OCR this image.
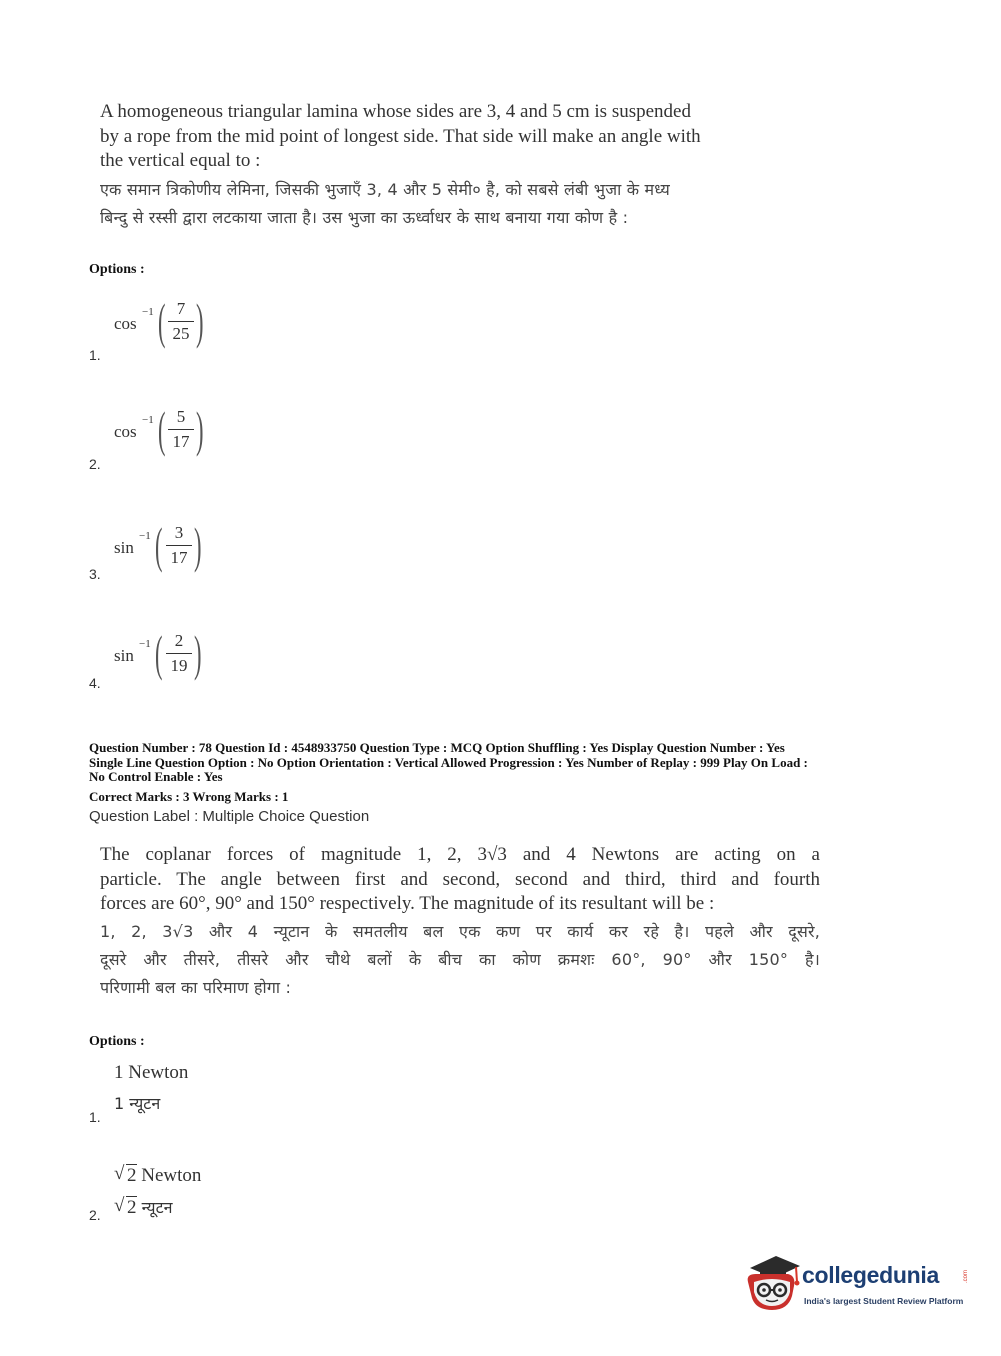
A homogeneous triangular lamina whose sides are 3, 4 and 5 cm is suspended

by a rope from the mid point of longest side. That side will make an angle with

the vertical equal to :

एक समान त्रिकोणीय लेमिना, जिसकी भुजाएँ 3, 4 और 5 सेमी० है, को सबसे लंबी भुजा के मध्य

बिन्दु से रस्सी द्वारा लटकाया जाता है। उस भुजा का ऊर्ध्वाधर के साथ बनाया गया कोण है :

Options :
cos
−1 ( 7
25 )
1.
cos
−1 ( 5
17 )
2.
sin
−1 ( 3
17 )
3.
sin
−1 ( 2
19 )
4.
Question Number : 78 Question Id : 4548933750 Question Type : MCQ Option Shuffling : Yes Display Question Number : Yes
Single Line Question Option : No Option Orientation : Vertical Allowed Progression : Yes Number of Replay : 999 Play On Load :
No Control Enable : Yes
Correct Marks : 3 Wrong Marks : 1
Question Label : Multiple Choice Question

The coplanar forces of magnitude 1, 2, 3√3 and 4 Newtons are acting on a

particle. The angle between first and second, second and third, third and fourth

forces are 60°, 90° and 150° respectively. The magnitude of its resultant will be :

1, 2, 3√3 और 4 न्यूटान के समतलीय बल एक कण पर कार्य कर रहे है। पहले और दूसरे,

दूसरे और तीसरे, तीसरे और चौथे बलों के बीच का कोण क्रमशः 60°, 90° और 150° है।

परिणामी बल का परिमाण होगा :

Options :
1 Newton
1 न्यूटन
1.
√ 2 Newton
√ 2 न्यूटन
2.
collegedunia	.com
India's largest Student Review Platform
